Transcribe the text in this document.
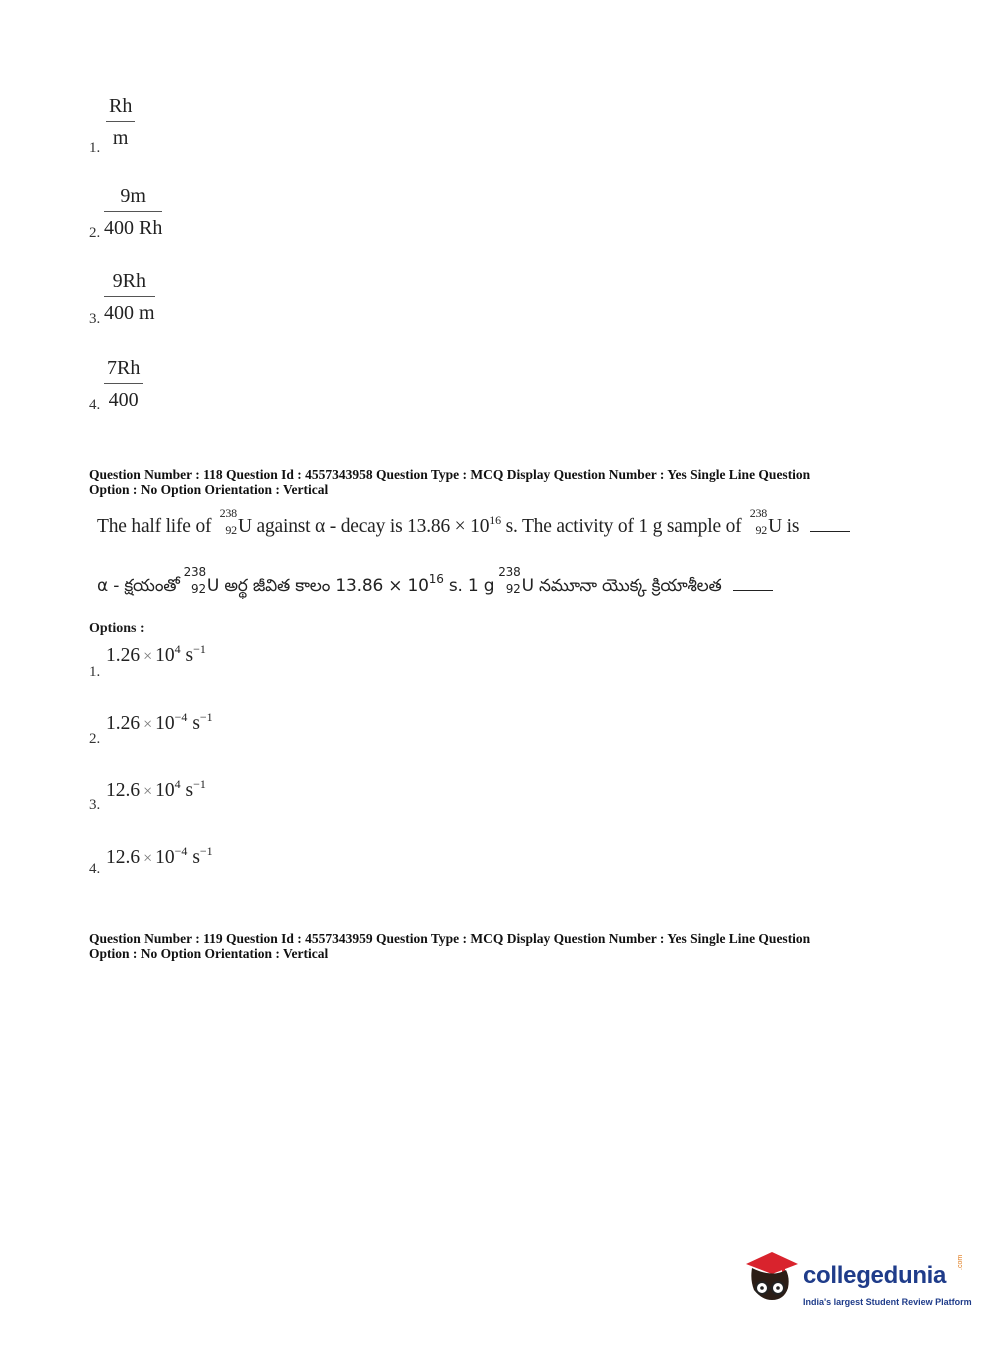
1. $\frac{Rh}{m}$
2. $\frac{9m}{400 Rh}$
3. $\frac{9Rh}{400 m}$
4. $\frac{7Rh}{400}$
Question Number : 118 Question Id : 4557343958 Question Type : MCQ Display Question Number : Yes Single Line Question
Option : No Option Orientation : Vertical
The half life of
238
92 U against α - decay is $13.86 \times 10^{16}$ s. The activity of 1 g sample of
238
92 U is
α - క్షయంతో
238
92 U అర్థ జీవిత కాలం $13.86 \times 10^{16}$ s. 1 g
238
92 U నమూనా యొక్క క్రియాశీలత
Options :
1.
$1.26 \times 10^4$ $s^{-1}$
2.
$1.26 \times 10^{-4}$ $s^{-1}$
3.
$12.6 \times 10^4$ $s^{-1}$
4.
$12.6 \times 10^{-4}$ $s^{-1}$
Question Number : 119 Question Id : 4557343959 Question Type : MCQ Display Question Number : Yes Single Line Question
Option : No Option Orientation : Vertical
collegedunia .com
India's largest Student Review Platform
